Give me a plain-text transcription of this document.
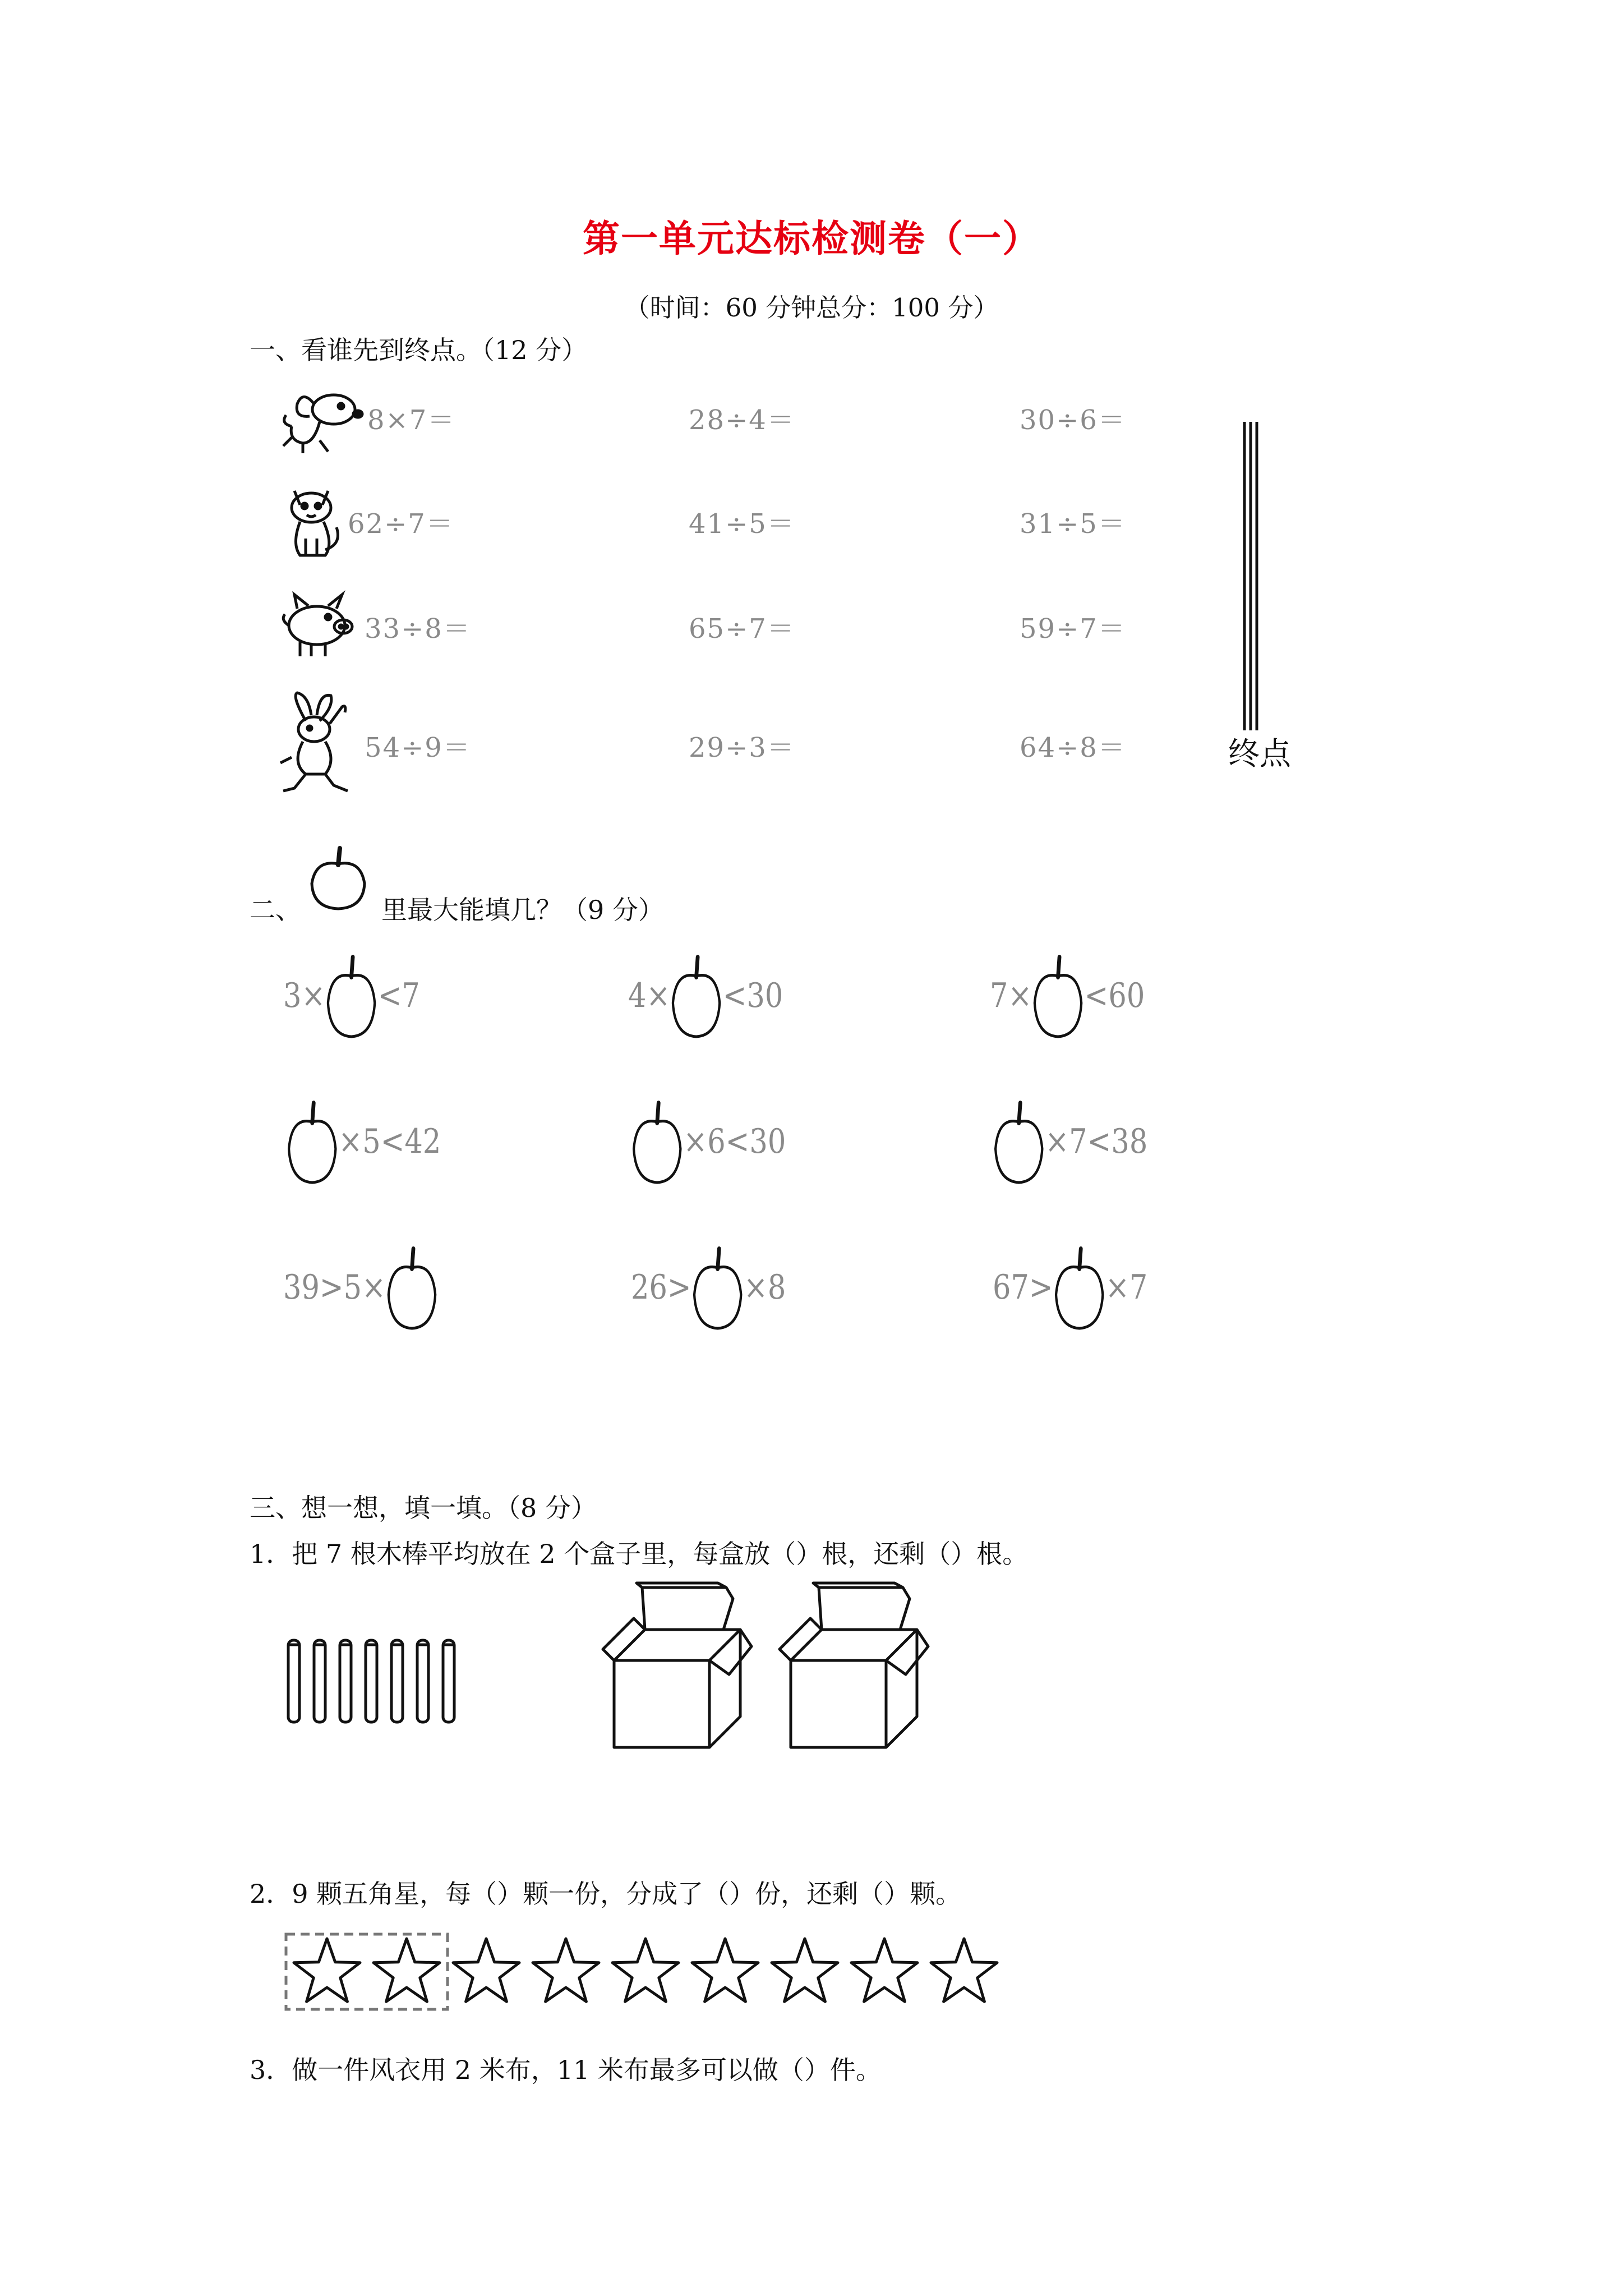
第一单元达标检测卷（一）
（时间：60 分钟总分：100 分）
一、看谁先到终点。（12 分）
8×7＝	28÷4＝	30÷6＝
62÷7＝	41÷5＝	31÷5＝
33÷8＝	65÷7＝	59÷7＝
54÷9＝	29÷3＝	64÷8＝	终点
二、	里最大能填几？（9 分）
3× <7	4× <30	7× <60
×5<42	×6<30	×7<38
39>5×	26> ×8	67> ×7
三、想一想，填一填。（8 分）
1．把 7 根木棒平均放在 2 个盒子里，每盒放（）根，还剩（）根。
2．9 颗五角星，每（）颗一份，分成了（）份，还剩（）颗。
3．做一件风衣用 2 米布，11 米布最多可以做（）件。
